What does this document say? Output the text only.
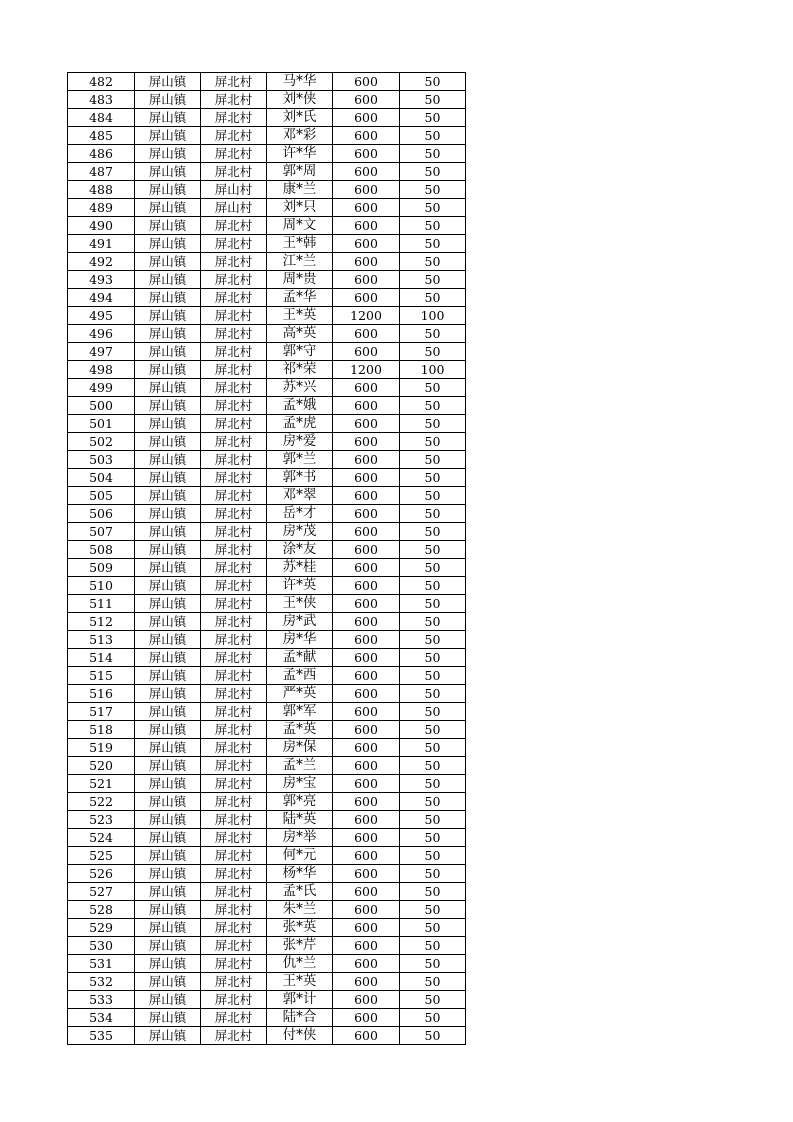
482	屏山镇	屏北村	马*华	600	50
483	屏山镇	屏北村	刘*侠	600	50
484	屏山镇	屏北村	刘*氏	600	50
485	屏山镇	屏北村	邓*彩	600	50
486	屏山镇	屏北村	许*华	600	50
487	屏山镇	屏北村	郭*周	600	50
488	屏山镇	屏山村	康*兰	600	50
489	屏山镇	屏山村	刘*只	600	50
490	屏山镇	屏北村	周*文	600	50
491	屏山镇	屏北村	王*韩	600	50
492	屏山镇	屏北村	江*兰	600	50
493	屏山镇	屏北村	周*贵	600	50
494	屏山镇	屏北村	孟*华	600	50
495	屏山镇	屏北村	王*英	1200	100
496	屏山镇	屏北村	高*英	600	50
497	屏山镇	屏北村	郭*守	600	50
498	屏山镇	屏北村	祁*荣	1200	100
499	屏山镇	屏北村	苏*兴	600	50
500	屏山镇	屏北村	孟*娥	600	50
501	屏山镇	屏北村	孟*虎	600	50
502	屏山镇	屏北村	房*爱	600	50
503	屏山镇	屏北村	郭*兰	600	50
504	屏山镇	屏北村	郭*书	600	50
505	屏山镇	屏北村	邓*翠	600	50
506	屏山镇	屏北村	岳*才	600	50
507	屏山镇	屏北村	房*茂	600	50
508	屏山镇	屏北村	涂*友	600	50
509	屏山镇	屏北村	苏*桂	600	50
510	屏山镇	屏北村	许*英	600	50
511	屏山镇	屏北村	王*侠	600	50
512	屏山镇	屏北村	房*武	600	50
513	屏山镇	屏北村	房*华	600	50
514	屏山镇	屏北村	孟*献	600	50
515	屏山镇	屏北村	孟*西	600	50
516	屏山镇	屏北村	严*英	600	50
517	屏山镇	屏北村	郭*军	600	50
518	屏山镇	屏北村	孟*英	600	50
519	屏山镇	屏北村	房*保	600	50
520	屏山镇	屏北村	孟*兰	600	50
521	屏山镇	屏北村	房*宝	600	50
522	屏山镇	屏北村	郭*亮	600	50
523	屏山镇	屏北村	陆*英	600	50
524	屏山镇	屏北村	房*举	600	50
525	屏山镇	屏北村	何*元	600	50
526	屏山镇	屏北村	杨*华	600	50
527	屏山镇	屏北村	孟*氏	600	50
528	屏山镇	屏北村	朱*兰	600	50
529	屏山镇	屏北村	张*英	600	50
530	屏山镇	屏北村	张*芹	600	50
531	屏山镇	屏北村	仇*兰	600	50
532	屏山镇	屏北村	王*英	600	50
533	屏山镇	屏北村	郭*计	600	50
534	屏山镇	屏北村	陆*合	600	50
535	屏山镇	屏北村	付*侠	600	50
